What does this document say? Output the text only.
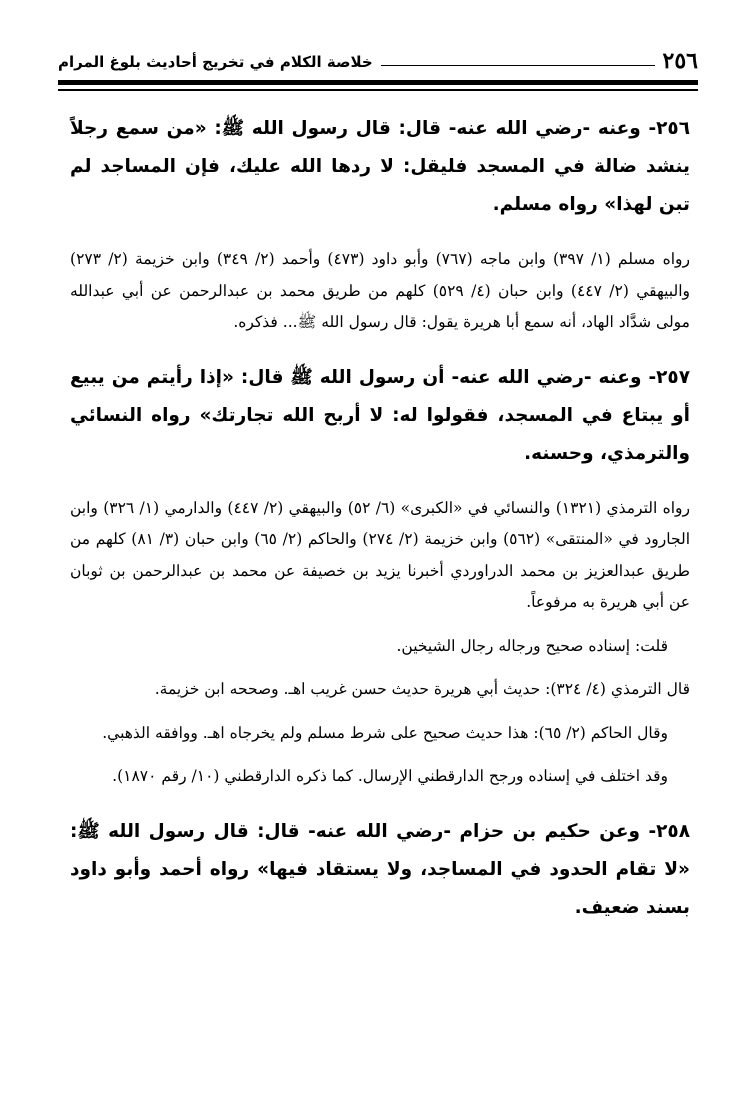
٢٥٦
خلاصة الكلام في تخريج أحاديث بلوغ المرام

٢٥٦- وعنه -رضي الله عنه- قال: قال رسول الله ﷺ: «من سمع رجلاً ينشد ضالة في المسجد فليقل: لا ردها الله عليك، فإن المساجد لم تبن لهذا» رواه مسلم.

رواه مسلم (١/ ٣٩٧) وابن ماجه (٧٦٧) وأبو داود (٤٧٣) وأحمد (٢/ ٣٤٩) وابن خزيمة (٢/ ٢٧٣) والبيهقي (٢/ ٤٤٧) وابن حبان (٤/ ٥٢٩) كلهم من طريق محمد بن عبدالرحمن عن أبي عبدالله مولى شدَّاد الهاد، أنه سمع أبا هريرة يقول: قال رسول الله ﷺ... فذكره.

٢٥٧- وعنه -رضي الله عنه- أن رسول الله ﷺ قال: «إذا رأيتم من يبيع أو يبتاع في المسجد، فقولوا له: لا أربح الله تجارتك» رواه النسائي والترمذي، وحسنه.

رواه الترمذي (١٣٢١) والنسائي في «الكبرى» (٦/ ٥٢) والبيهقي (٢/ ٤٤٧) والدارمي (١/ ٣٢٦) وابن الجارود في «المنتقى» (٥٦٢) وابن خزيمة (٢/ ٢٧٤) والحاكم (٢/ ٦٥) وابن حبان (٣/ ٨١) كلهم من طريق عبدالعزيز بن محمد الدراوردي أخبرنا يزيد بن خصيفة عن محمد بن عبدالرحمن بن ثوبان عن أبي هريرة به مرفوعاً.

قلت: إسناده صحيح ورجاله رجال الشيخين.

قال الترمذي (٤/ ٣٢٤): حديث أبي هريرة حديث حسن غريب اهـ. وصححه ابن خزيمة.

وقال الحاكم (٢/ ٦٥): هذا حديث صحيح على شرط مسلم ولم يخرجاه اهـ. ووافقه الذهبي.

وقد اختلف في إسناده ورجح الدارقطني الإرسال. كما ذكره الدارقطني (١٠/ رقم ١٨٧٠).

٢٥٨- وعن حكيم بن حزام -رضي الله عنه- قال: قال رسول الله ﷺ: «لا تقام الحدود في المساجد، ولا يستقاد فيها» رواه أحمد وأبو داود بسند ضعيف.
